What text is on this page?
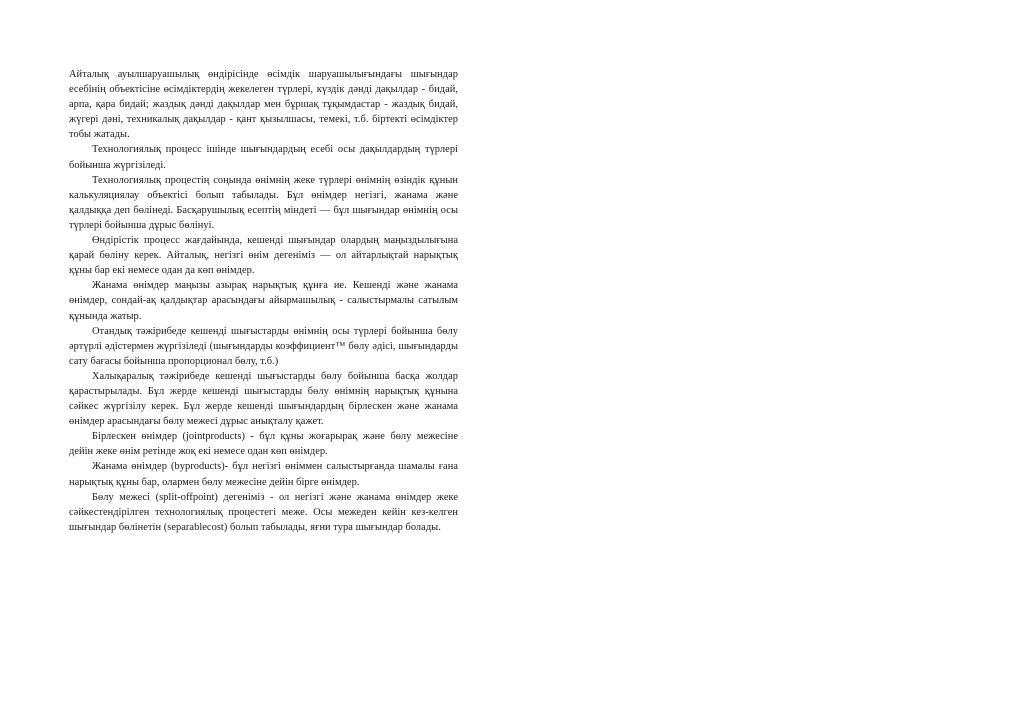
Айталық ауылшаруашылық өндірісінде өсімдік шаруашылығындағы шығындар есебінің объектісіне өсімдіктердің жекелеген түрлері, күздік дәнді дақылдар - бидай, арпа, қара бидай; жаздық дәнді дақылдар мен бұршақ тұқымдастар - жаздық бидай, жүгері дәні, техникалық дақылдар - қант қызылшасы, темекі, т.б. біртекті өсімдіктер тобы жатады.

Технологиялық процесс ішінде шығындардың есебі осы дақылдардың түрлері бойынша жүргізіледі.

Технологиялық процестің соңында өнімнің жеке түрлері өнімнің өзіндік құнын калькуляциялау объектісі болып табылады. Бұл өнімдер негізгі, жанама және қалдыққа деп бөлінеді. Басқарушылық есептің міндеті — бұл шығындар өнімнің осы түрлері бойынша дұрыс бөлінуі.

Өндірістік процесс жағдайында, кешенді шығындар олардың маңыздылығына қарай бөліну керек. Айталық, негізгі өнім дегеніміз — ол айтарлықтай нарықтық құны бар екі немесе одан да көп өнімдер.

Жанама өнімдер маңызы азырақ нарықтық құнға ие. Кешенді және жанама өнімдер, сондай-ақ қалдықтар арасындағы айырмашылық - салыстырмалы сатылым құнында жатыр.

Отандық тәжірибеде кешенді шығыстарды өнімнің осы түрлері бойынша бөлу әртүрлі әдістермен жүргізіледі (шығындарды коэффициент™ бөлу әдісі, шығындарды сату бағасы бойынша пропорционал бөлу, т.б.)

Халықаралық тәжірибеде кешенді шығыстарды бөлу бойынша басқа жолдар қарастырылады. Бұл жерде кешенді шығыстарды бөлу өнімнің нарықтық құнына сәйкес жүргізілу керек. Бұл жерде кешенді шығындардың бірлескен және жанама өнімдер арасындағы бөлу межесі дұрыс анықталу қажет.

Бірлескен өнімдер (jointproducts) - бұл құны жоғарырақ және бөлу межесіне дейін жеке өнім ретінде жоқ екі немесе одан көп өнімдер.

Жанама өнімдер (byproducts)- бұл негізгі өніммен салыстырғанда шамалы ғана нарықтық құны бар, олармен бөлу межесіне дейін бірге өнімдер.

Бөлу межесі (split-offpoint) дегеніміз - ол негізгі және жанама өнімдер жеке сәйкестендірілген технологиялық процестегі меже. Осы межеден кейін кез-келген шығындар бөлінетін (separablecost) болып табылады, яғни тура шығындар болады.
